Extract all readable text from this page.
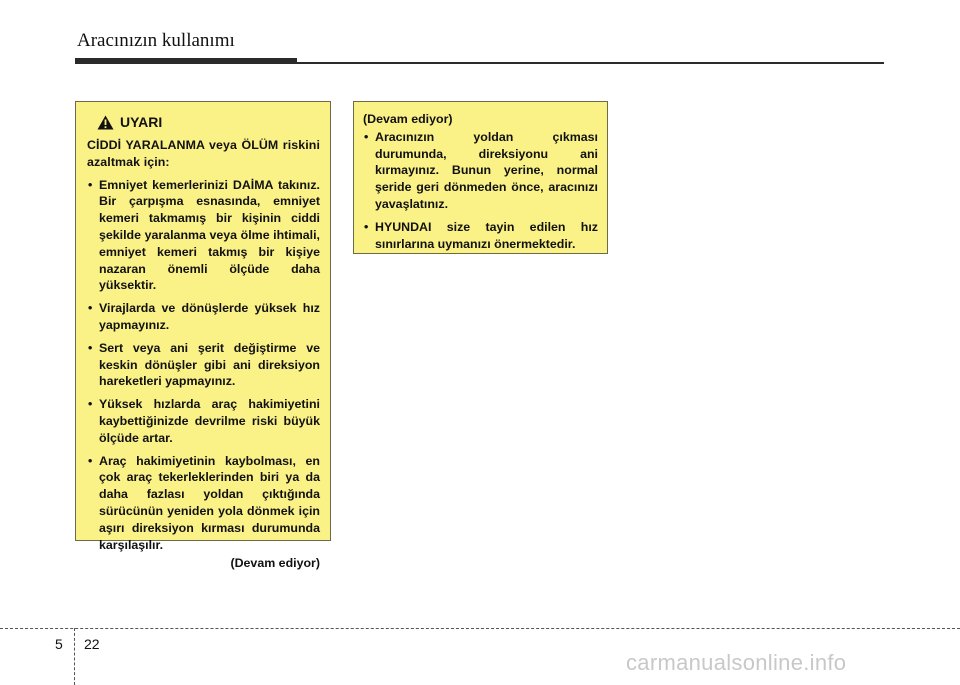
Aracınızın kullanımı
UYARI
CİDDİ YARALANMA veya ÖLÜM riskini azaltmak için:
• Emniyet kemerlerinizi DAİMA takınız. Bir çarpışma esnasında, emniyet kemeri takmamış bir kişinin ciddi şekilde yaralanma veya ölme ihtimali, emniyet kemeri takmış bir kişiye nazaran önemli ölçüde daha yüksektir.
• Virajlarda ve dönüşlerde yüksek hız yapmayınız.
• Sert veya ani şerit değiştirme ve keskin dönüşler gibi ani direksiyon hareketleri yapmayınız.
• Yüksek hızlarda araç hakimiyetini kaybettiğinizde devrilme riski büyük ölçüde artar.
• Araç hakimiyetinin kaybolması, en çok araç tekerleklerinden biri ya da daha fazlası yoldan çıktığında sürücünün yeniden yola dönmek için aşırı direksiyon kırması durumunda karşılaşılır.
(Devam ediyor)
(Devam ediyor)
• Aracınızın yoldan çıkması durumunda, direksiyonu ani kırmayınız. Bunun yerine, normal şeride geri dönmeden önce, aracınızı yavaşlatınız.
• HYUNDAI size tayin edilen hız sınırlarına uymanızı önermektedir.
5 22
carmanualsonline.info
